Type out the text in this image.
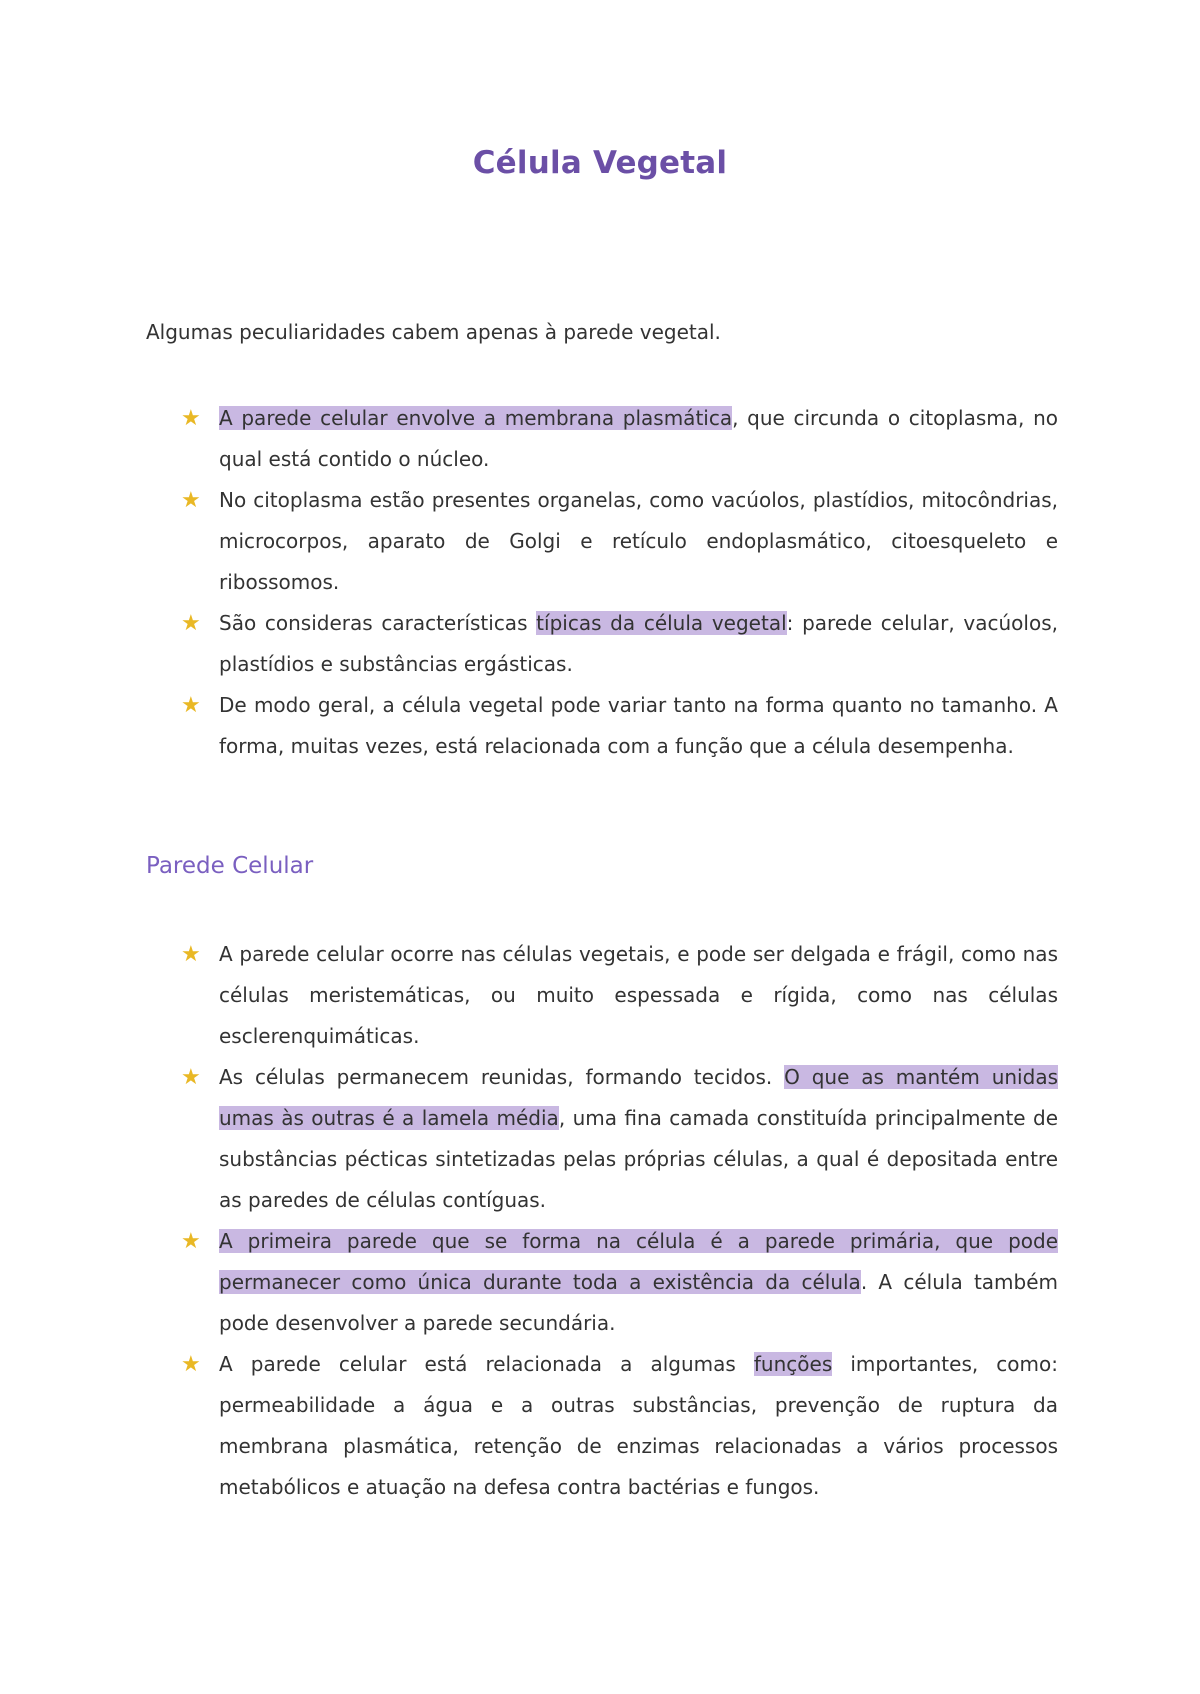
Célula Vegetal

Algumas peculiaridades cabem apenas à parede vegetal.

★ A parede celular envolve a membrana plasmática, que circunda o citoplasma, no qual está contido o núcleo.
★ No citoplasma estão presentes organelas, como vacúolos, plastídios, mitocôndrias, microcorpos, aparato de Golgi e retículo endoplasmático, citoesqueleto e ribossomos.
★ São consideras características típicas da célula vegetal: parede celular, vacúolos, plastídios e substâncias ergásticas.
★ De modo geral, a célula vegetal pode variar tanto na forma quanto no tamanho. A forma, muitas vezes, está relacionada com a função que a célula desempenha.
Parede Celular
★ A parede celular ocorre nas células vegetais, e pode ser delgada e frágil, como nas células meristemáticas, ou muito espessada e rígida, como nas células esclerenquimáticas.
★ As células permanecem reunidas, formando tecidos. O que as mantém unidas umas às outras é a lamela média, uma fina camada constituída principalmente de substâncias pécticas sintetizadas pelas próprias células, a qual é depositada entre as paredes de células contíguas.
★ A primeira parede que se forma na célula é a parede primária, que pode permanecer como única durante toda a existência da célula. A célula também pode desenvolver a parede secundária.
★ A parede celular está relacionada a algumas funções importantes, como: permeabilidade a água e a outras substâncias, prevenção de ruptura da membrana plasmática, retenção de enzimas relacionadas a vários processos metabólicos e atuação na defesa contra bactérias e fungos.
